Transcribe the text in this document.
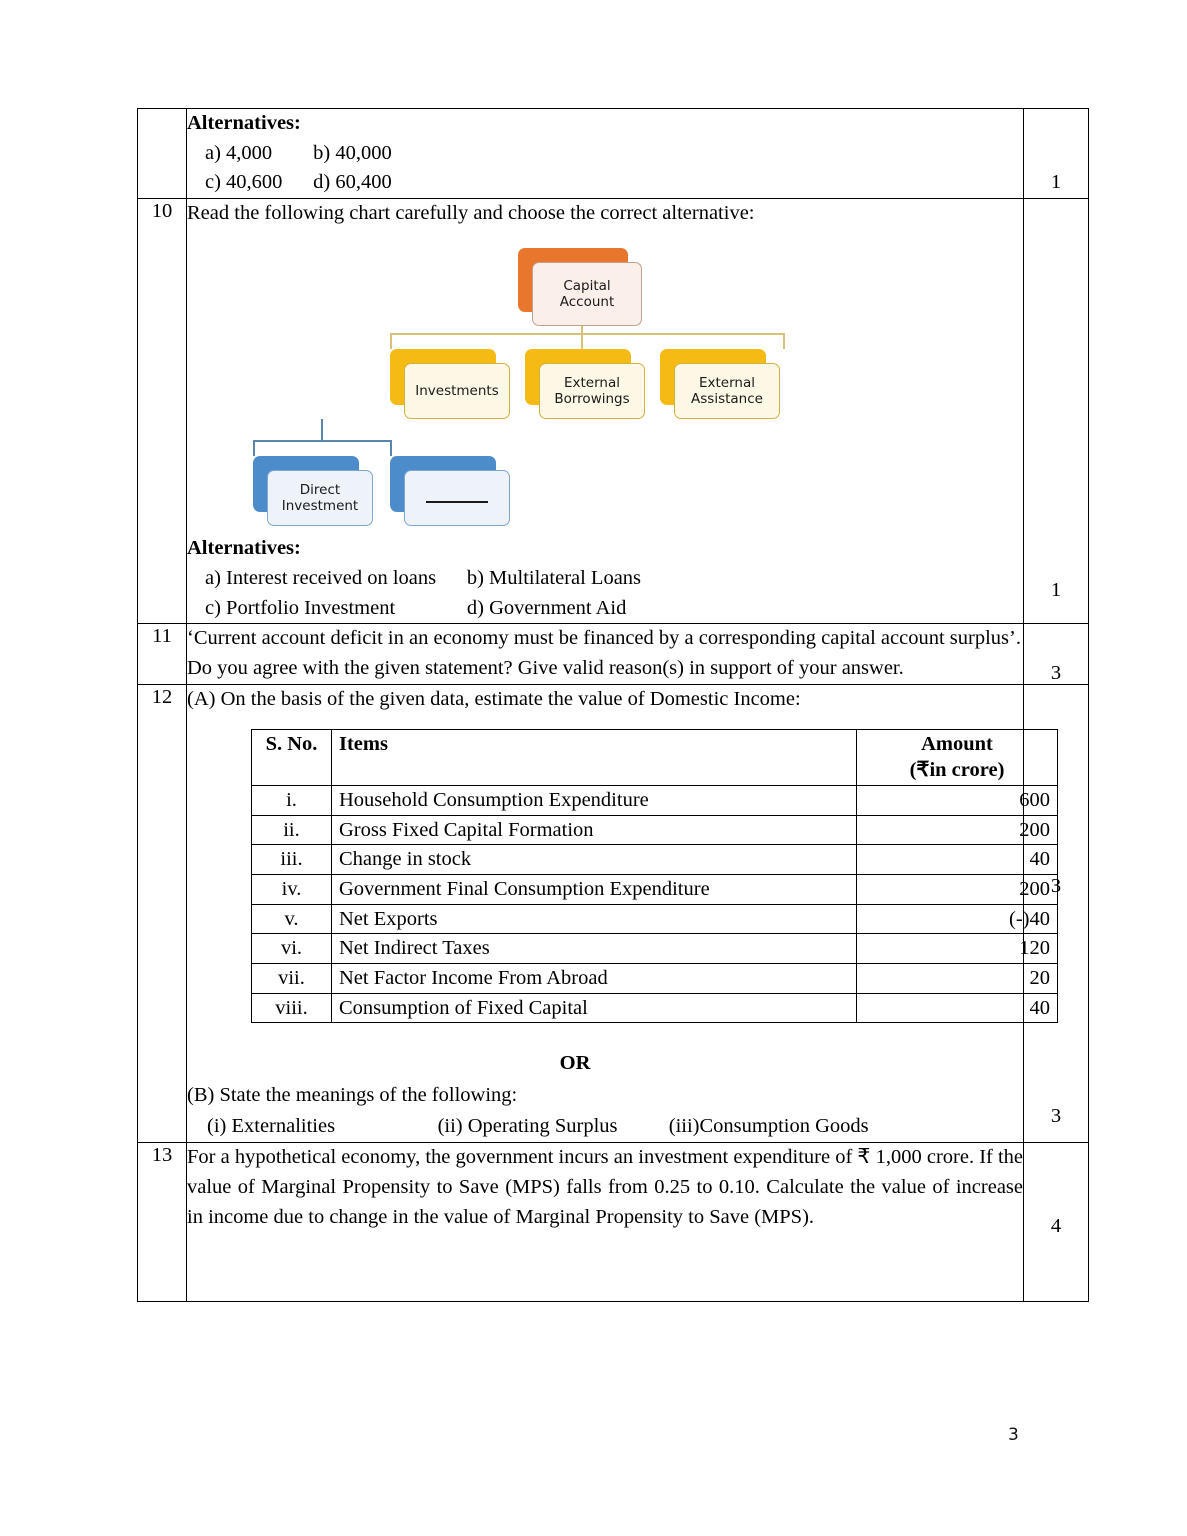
Alternatives:
a) 4,000        b) 40,000
c) 40,600      d) 60,400	1

10	Read the following chart carefully and choose the correct alternative:
Capital Account
Investments
External Borrowings
External Assistance
Direct Investment
Alternatives:
a) Interest received on loans      b) Multilateral Loans
c) Portfolio Investment              d) Government Aid

1

11	‘Current account deficit in an economy must be financed by a corresponding capital account surplus’.
Do you agree with the given statement? Give valid reason(s) in support of your answer.	3

12	(A) On the basis of the given data, estimate the value of Domestic Income:
S. No.	Items	Amount
(₹in crore)

i.	Household Consumption Expenditure	600
ii.	Gross Fixed Capital Formation	200
iii.	Change in stock	40
iv.	Government Final Consumption Expenditure	200
v.	Net Exports	(-)40
vi.	Net Indirect Taxes	120
vii.	Net Factor Income From Abroad	20
viii.	Consumption of Fixed Capital	40
OR
(B) State the meanings of the following:
(i) Externalities                    (ii) Operating Surplus          (iii)Consumption Goods

3
3

13	For a hypothetical economy, the government incurs an investment expenditure of ₹ 1,000 crore. If the value of Marginal Propensity to Save (MPS) falls from 0.25 to 0.10. Calculate the value of increase in income due to change in the value of Marginal Propensity to Save (MPS).	4
3
